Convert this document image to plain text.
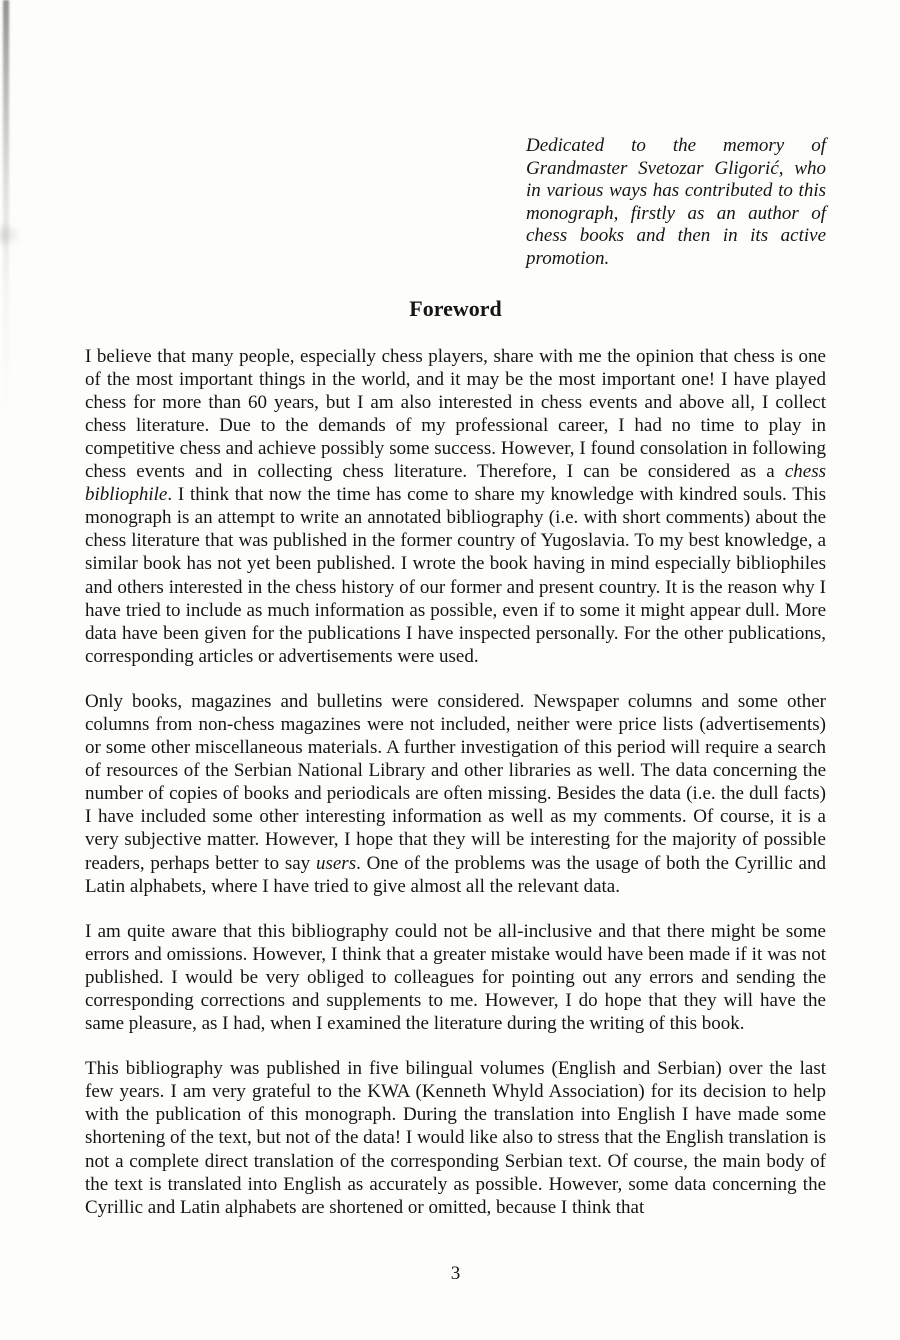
Dedicated to the memory of Grandmaster Svetozar Gligorić, who in various ways has contributed to this monograph, firstly as an author of chess books and then in its active promotion.
Foreword

I believe that many people, especially chess players, share with me the opinion that chess is one of the most important things in the world, and it may be the most important one! I have played chess for more than 60 years, but I am also interested in chess events and above all, I collect chess literature. Due to the demands of my professional career, I had no time to play in competitive chess and achieve possibly some success. However, I found consolation in following chess events and in collecting chess literature. Therefore, I can be considered as a chess bibliophile. I think that now the time has come to share my knowledge with kindred souls. This monograph is an attempt to write an annotated bibliography (i.e. with short comments) about the chess literature that was published in the former country of Yugoslavia. To my best knowledge, a similar book has not yet been published. I wrote the book having in mind especially bibliophiles and others interested in the chess history of our former and present country. It is the reason why I have tried to include as much information as possible, even if to some it might appear dull. More data have been given for the publications I have inspected personally. For the other publications, corresponding articles or advertisements were used.

Only books, magazines and bulletins were considered. Newspaper columns and some other columns from non-chess magazines were not included, neither were price lists (advertisements) or some other miscellaneous materials. A further investigation of this period will require a search of resources of the Serbian National Library and other libraries as well. The data concerning the number of copies of books and periodicals are often missing. Besides the data (i.e. the dull facts) I have included some other interesting information as well as my comments. Of course, it is a very subjective matter. However, I hope that they will be interesting for the majority of possible readers, perhaps better to say users. One of the problems was the usage of both the Cyrillic and Latin alphabets, where I have tried to give almost all the relevant data.

I am quite aware that this bibliography could not be all-inclusive and that there might be some errors and omissions. However, I think that a greater mistake would have been made if it was not published. I would be very obliged to colleagues for pointing out any errors and sending the corresponding corrections and supplements to me. However, I do hope that they will have the same pleasure, as I had, when I examined the literature during the writing of this book.

This bibliography was published in five bilingual volumes (English and Serbian) over the last few years. I am very grateful to the KWA (Kenneth Whyld Association) for its decision to help with the publication of this monograph. During the translation into English I have made some shortening of the text, but not of the data! I would like also to stress that the English translation is not a complete direct translation of the corresponding Serbian text. Of course, the main body of the text is translated into English as accurately as possible. However, some data concerning the Cyrillic and Latin alphabets are shortened or omitted, because I think that

3
